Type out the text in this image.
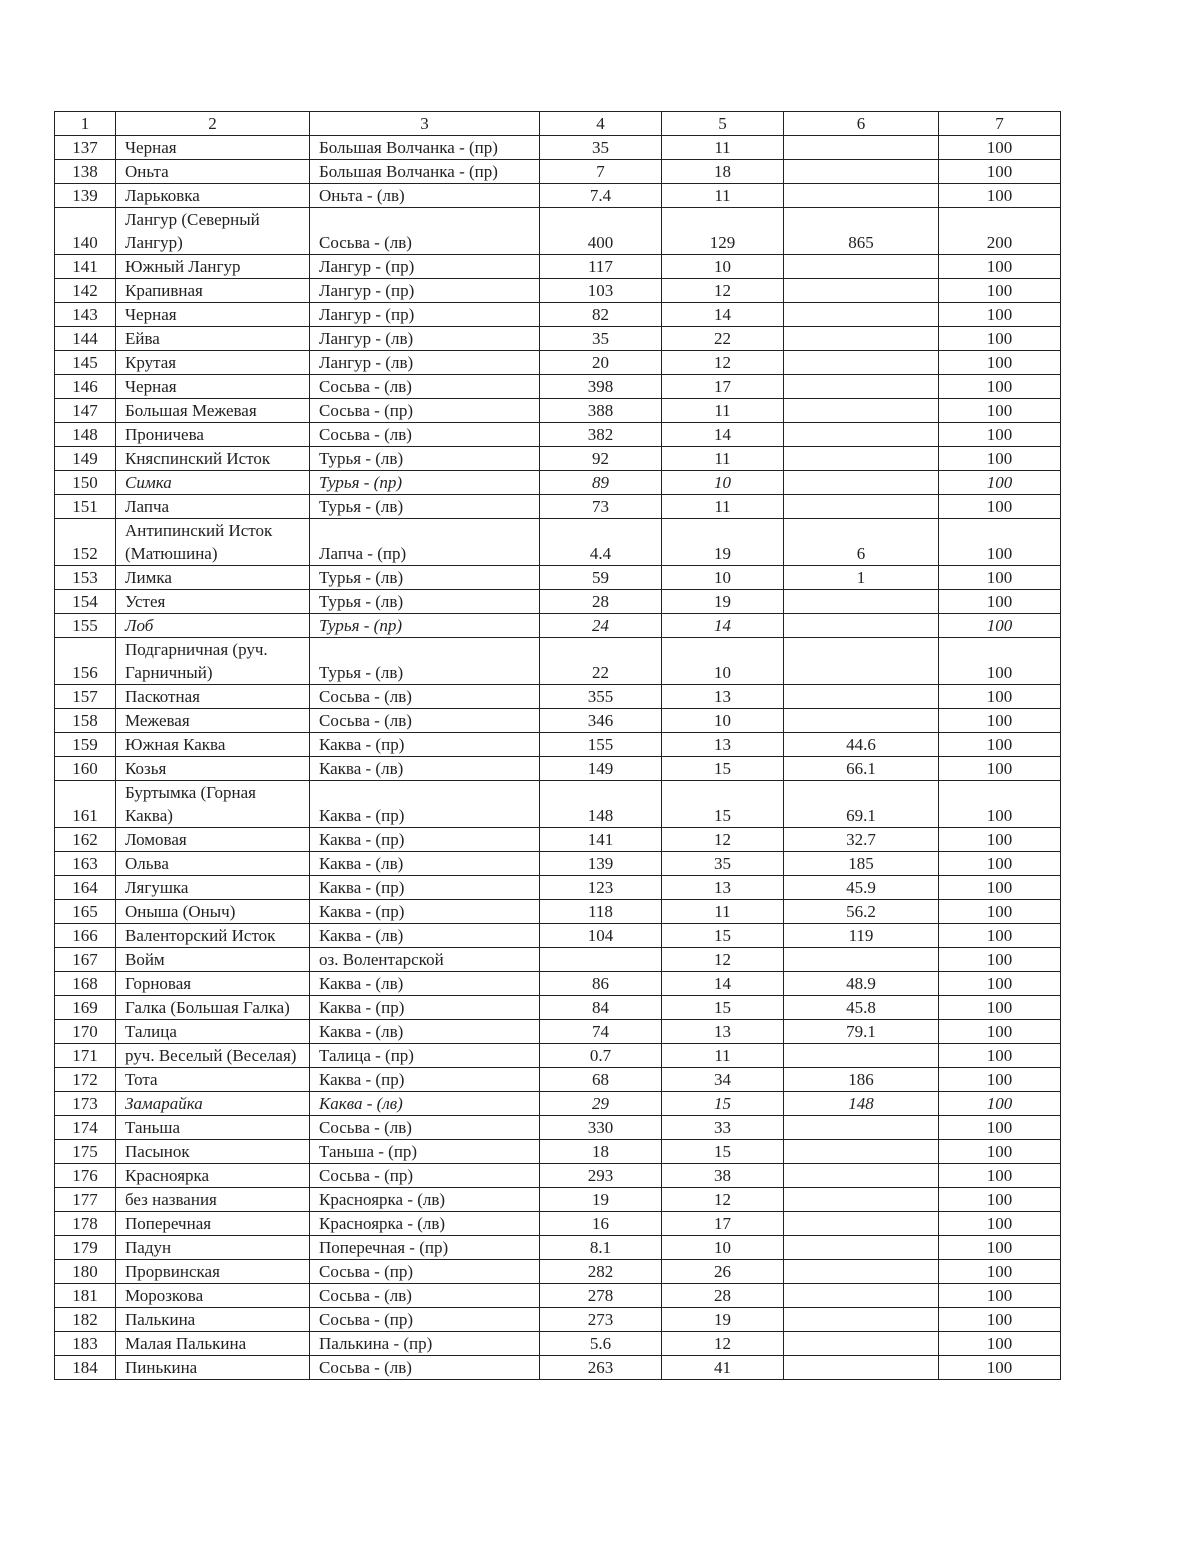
1	2	3	4	5	6	7
137	Черная	Большая Волчанка - (пр)	35	11		100
138	Оньта	Большая Волчанка - (пр)	7	18		100
139	Ларьковка	Оньта - (лв)	7.4	11		100
140	Лангур (Северный Лангур)	Сосьва - (лв)	400	129	865	200
141	Южный Лангур	Лангур - (пр)	117	10		100
142	Крапивная	Лангур - (пр)	103	12		100
143	Черная	Лангур - (пр)	82	14		100
144	Ейва	Лангур - (лв)	35	22		100
145	Крутая	Лангур - (лв)	20	12		100
146	Черная	Сосьва - (лв)	398	17		100
147	Большая Межевая	Сосьва - (пр)	388	11		100
148	Проничева	Сосьва - (лв)	382	14		100
149	Княспинский Исток	Турья - (лв)	92	11		100
150	Симка	Турья - (пр)	89	10		100
151	Лапча	Турья - (лв)	73	11		100
152	Антипинский Исток (Матюшина)	Лапча - (пр)	4.4	19	6	100
153	Лимка	Турья - (лв)	59	10	1	100
154	Устея	Турья - (лв)	28	19		100
155	Лоб	Турья - (пр)	24	14		100
156	Подгарничная (руч. Гарничный)	Турья - (лв)	22	10		100
157	Паскотная	Сосьва - (лв)	355	13		100
158	Межевая	Сосьва - (лв)	346	10		100
159	Южная Каква	Каква - (пр)	155	13	44.6	100
160	Козья	Каква - (лв)	149	15	66.1	100
161	Буртымка (Горная Каква)	Каква - (пр)	148	15	69.1	100
162	Ломовая	Каква - (пр)	141	12	32.7	100
163	Ольва	Каква - (лв)	139	35	185	100
164	Лягушка	Каква - (пр)	123	13	45.9	100
165	Оныша (Оныч)	Каква - (пр)	118	11	56.2	100
166	Валенторский Исток	Каква - (лв)	104	15	119	100
167	Войм	оз. Волентарской		12		100
168	Горновая	Каква - (лв)	86	14	48.9	100
169	Галка (Большая Галка)	Каква - (пр)	84	15	45.8	100
170	Талица	Каква - (лв)	74	13	79.1	100
171	руч. Веселый (Веселая)	Талица - (пр)	0.7	11		100
172	Тота	Каква - (пр)	68	34	186	100
173	Замарайка	Каква - (лв)	29	15	148	100
174	Таньша	Сосьва - (лв)	330	33		100
175	Пасынок	Таньша - (пр)	18	15		100
176	Красноярка	Сосьва - (пр)	293	38		100
177	без названия	Красноярка - (лв)	19	12		100
178	Поперечная	Красноярка - (лв)	16	17		100
179	Падун	Поперечная - (пр)	8.1	10		100
180	Прорвинская	Сосьва - (пр)	282	26		100
181	Морозкова	Сосьва - (лв)	278	28		100
182	Палькина	Сосьва - (пр)	273	19		100
183	Малая Палькина	Палькина - (пр)	5.6	12		100
184	Пинькина	Сосьва - (лв)	263	41		100
